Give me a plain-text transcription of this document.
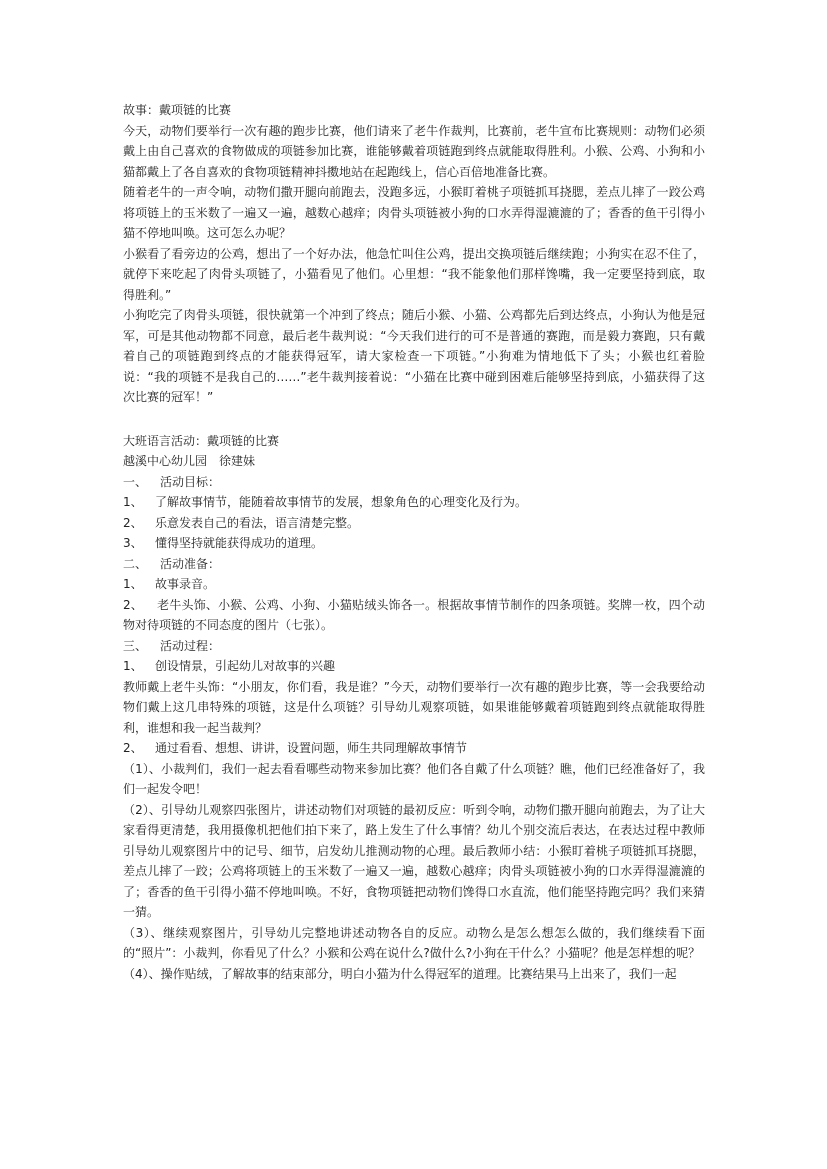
故事：戴项链的比赛
今天，动物们要举行一次有趣的跑步比赛，他们请来了老牛作裁判，比赛前，老牛宣布比赛规则：动物们必须戴上由自己喜欢的食物做成的项链参加比赛，谁能够戴着项链跑到终点就能取得胜利。小猴、公鸡、小狗和小猫都戴上了各自喜欢的食物项链精神抖擞地站在起跑线上，信心百倍地准备比赛。
随着老牛的一声令响，动物们撒开腿向前跑去，没跑多远，小猴盯着桃子项链抓耳挠腮，差点儿摔了一跤公鸡将项链上的玉米数了一遍又一遍，越数心越痒；肉骨头项链被小狗的口水弄得湿漉漉的了；香香的鱼干引得小猫不停地叫唤。这可怎么办呢？
小猴看了看旁边的公鸡，想出了一个好办法，他急忙叫住公鸡，提出交换项链后继续跑；小狗实在忍不住了，就停下来吃起了肉骨头项链了，小猫看见了他们。心里想：“我不能象他们那样馋嘴，我一定要坚持到底，取得胜利。”
小狗吃完了肉骨头项链，很快就第一个冲到了终点；随后小猴、小猫、公鸡都先后到达终点，小狗认为他是冠军，可是其他动物都不同意，最后老牛裁判说：“今天我们进行的可不是普通的赛跑，而是毅力赛跑，只有戴着自己的项链跑到终点的才能获得冠军，请大家检查一下项链。”小狗难为情地低下了头；小猴也红着脸说：“我的项链不是我自己的……”老牛裁判接着说：“小猫在比赛中碰到困难后能够坚持到底，小猫获得了这次比赛的冠军！”
大班语言活动：戴项链的比赛
越溪中心幼儿园　徐建妹
一、	活动目标：
1、	了解故事情节，能随着故事情节的发展，想象角色的心理变化及行为。
2、	乐意发表自己的看法，语言清楚完整。
3、	懂得坚持就能获得成功的道理。
二、	活动准备：
1、	故事录音。
2、 老牛头饰、小猴、公鸡、小狗、小猫贴绒头饰各一。根据故事情节制作的四条项链。奖牌一枚，四个动物对待项链的不同态度的图片（七张）。
三、	活动过程：
1、	创设情景，引起幼儿对故事的兴趣
教师戴上老牛头饰：“小朋友，你们看，我是谁？”今天，动物们要举行一次有趣的跑步比赛，等一会我要给动物们戴上这几串特殊的项链，这是什么项链？引导幼儿观察项链，如果谁能够戴着项链跑到终点就能取得胜利，谁想和我一起当裁判？
2、	通过看看、想想、讲讲，设置问题，师生共同理解故事情节
（1）、小裁判们，我们一起去看看哪些动物来参加比赛？他们各自戴了什么项链？瞧，他们已经准备好了，我们一起发令吧！
（2）、引导幼儿观察四张图片，讲述动物们对项链的最初反应：听到令响，动物们撒开腿向前跑去，为了让大家看得更清楚，我用摄像机把他们拍下来了，路上发生了什么事情？幼儿个别交流后表达，在表达过程中教师引导幼儿观察图片中的记号、细节，启发幼儿推测动物的心理。最后教师小结：小猴盯着桃子项链抓耳挠腮，差点儿摔了一跤；公鸡将项链上的玉米数了一遍又一遍，越数心越痒；肉骨头项链被小狗的口水弄得湿漉漉的了；香香的鱼干引得小猫不停地叫唤。不好，食物项链把动物们馋得口水直流，他们能坚持跑完吗？我们来猜一猜。
（3）、继续观察图片，引导幼儿完整地讲述动物各自的反应。动物么是怎么想怎么做的，我们继续看下面的“照片”：小裁判，你看见了什么？小猴和公鸡在说什么?做什么?小狗在干什么？小猫呢？他是怎样想的呢？
（4）、操作贴绒，了解故事的结束部分，明白小猫为什么得冠军的道理。比赛结果马上出来了，我们一起
